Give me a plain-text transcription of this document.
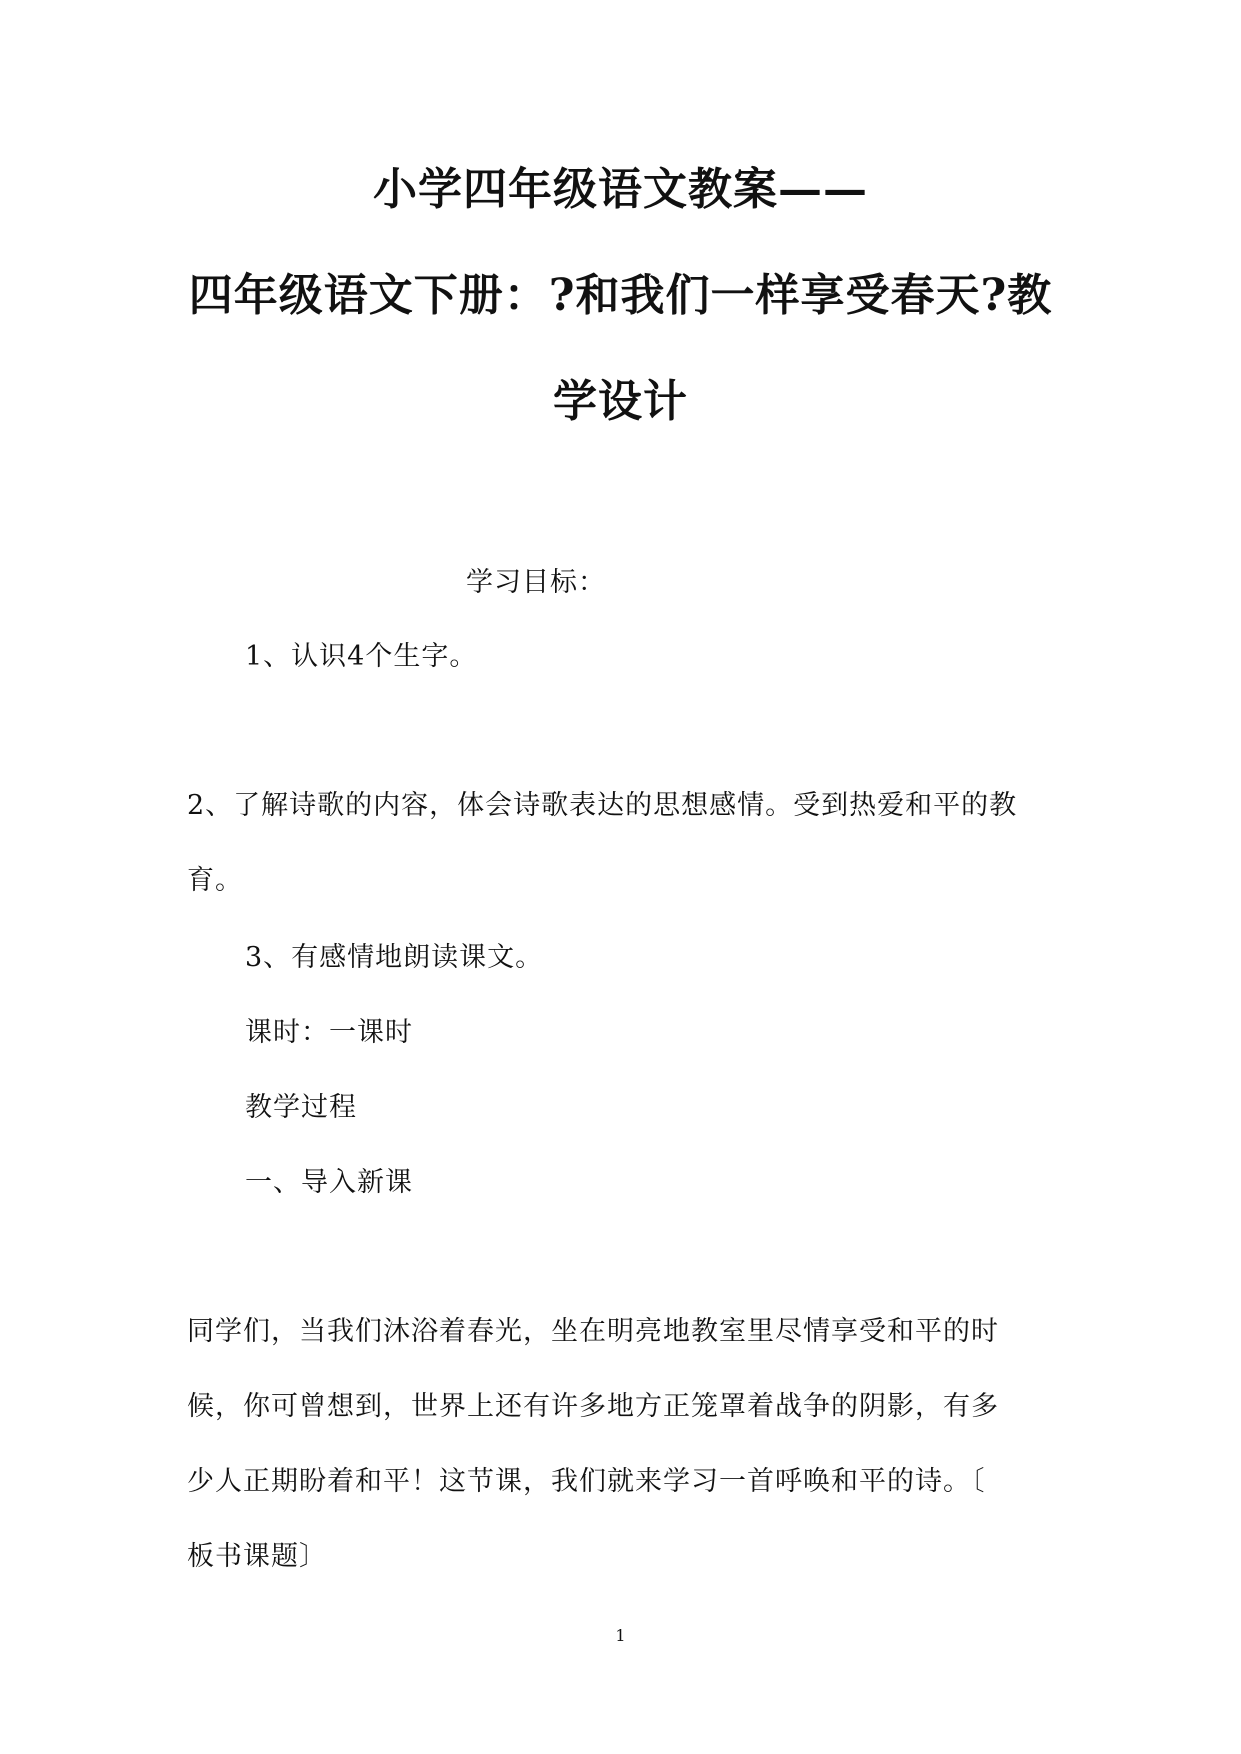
小学四年级语文教案——
四年级语文下册：?和我们一样享受春天?教
学设计
学习目标：
1、认识4个生字。
2、了解诗歌的内容，体会诗歌表达的思想感情。受到热爱和平的教
育。
3、有感情地朗读课文。
课时：一课时
教学过程
一、导入新课
同学们，当我们沐浴着春光，坐在明亮地教室里尽情享受和平的时
候，你可曾想到，世界上还有许多地方正笼罩着战争的阴影，有多
少人正期盼着和平！这节课，我们就来学习一首呼唤和平的诗。〔
板书课题〕
1
